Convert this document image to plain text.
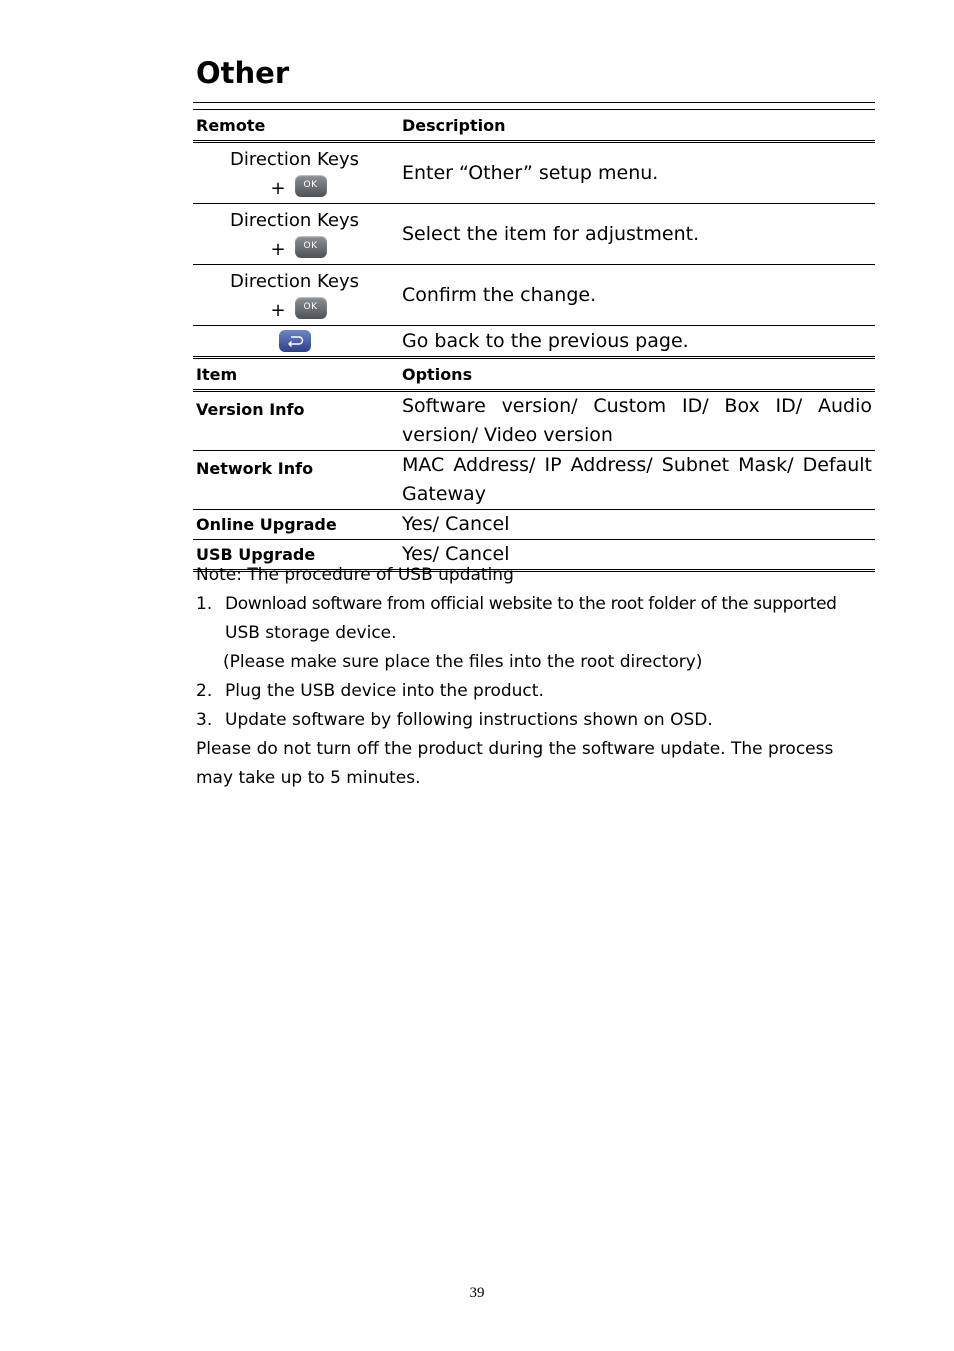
Other

Remote	Description

Direction Keys
+ OK	Enter “Other” setup menu.

Direction Keys
+ OK	Select the item for adjustment.

Direction Keys
+ OK	Confirm the change.

	Go back to the previous page.

Item	Options

Version Info	Software version/ Custom ID/ Box ID/ Audio
version/ Video version
Network Info	MAC Address/ IP Address/ Subnet Mask/ Default
Gateway
Online Upgrade	Yes/ Cancel
USB Upgrade	Yes/ Cancel

Note: The procedure of USB updating
1. Download software from official website to the root folder of the supported
USB storage device.
(Please make sure place the files into the root directory)
2. Plug the USB device into the product.
3. Update software by following instructions shown on OSD.
Please do not turn off the product during the software update. The process
may take up to 5 minutes.
39
